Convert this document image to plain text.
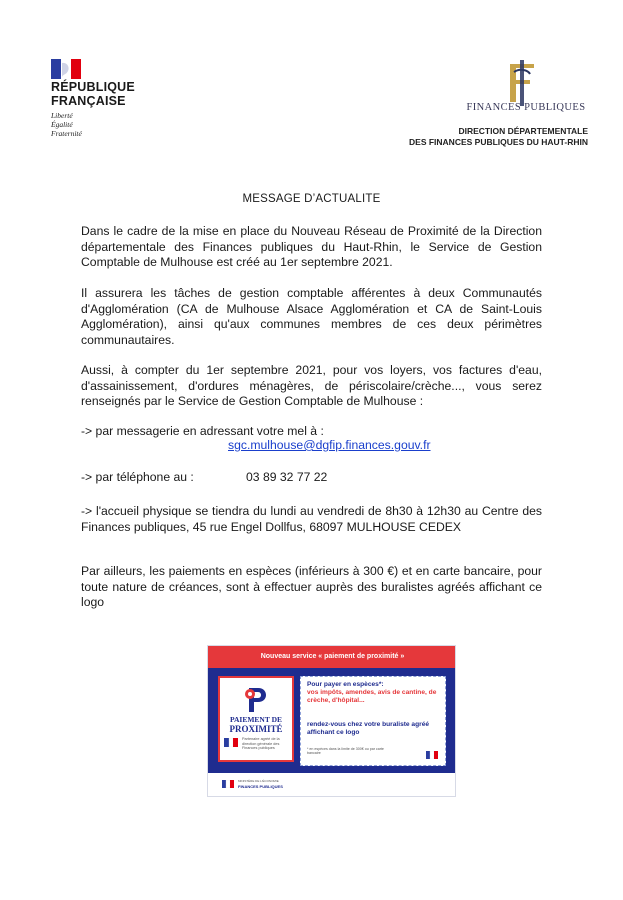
RÉPUBLIQUE
FRANÇAISE
Liberté
Égalité
Fraternité
FINANCES PUBLIQUES
DIRECTION DÉPARTEMENTALE
DES FINANCES PUBLIQUES DU HAUT-RHIN
MESSAGE D’ACTUALITE
Dans le cadre de la mise en place du Nouveau Réseau de Proximité de la Direction départementale des Finances publiques du Haut-Rhin, le Service de Gestion Comptable de Mulhouse est créé au 1er septembre 2021.
Il assurera les tâches de gestion comptable afférentes à deux Communautés d'Agglomération (CA de Mulhouse Alsace Agglomération et CA de Saint-Louis Agglomération), ainsi qu'aux communes membres de ces deux périmètres communautaires.
Aussi, à compter du 1er septembre 2021, pour vos loyers, vos factures d'eau, d'assainissement, d'ordures ménagères, de périscolaire/crèche..., vous serez renseignés par le Service de Gestion Comptable de Mulhouse :
-> par messagerie en adressant votre mel à :
sgc.mulhouse@dgfip.finances.gouv.fr
-> par téléphone au :	03 89 32 77 22
-> l'accueil physique se tiendra du lundi au vendredi de 8h30 à 12h30 au Centre des Finances publiques, 45 rue Engel Dollfus, 68097 MULHOUSE CEDEX
Par ailleurs, les paiements en espèces (inférieurs à 300 €) et en carte bancaire, pour toute nature de créances, sont à effectuer auprès des buralistes agréés affichant ce logo
Nouveau service « paiement de proximité »
PAIEMENT DE
PROXIMITÉ
Partenaire agréé de la direction générale des Finances publiques
Pour payer en espèces*:
vos impôts, amendes, avis de cantine, de crèche, d'hôpital...
rendez-vous chez votre buraliste agréé affichant ce logo
* en espèces dans la limite de 300€ ou par carte bancaire
MINISTÈRE DE L'ÉCONOMIE
FINANCES PUBLIQUES
